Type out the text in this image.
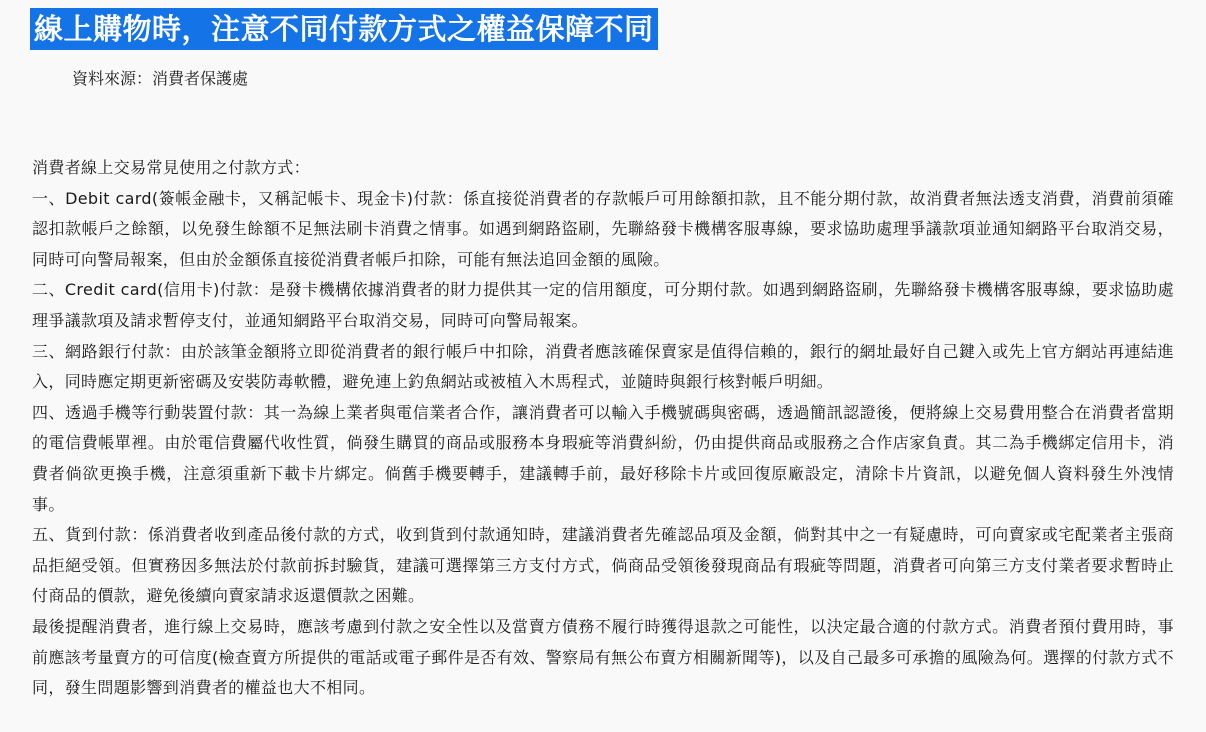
線上購物時，注意不同付款方式之權益保障不同
資料來源：消費者保護處

消費者線上交易常見使用之付款方式：

一、Debit card(簽帳金融卡，又稱記帳卡、現金卡)付款：係直接從消費者的存款帳戶可用餘額扣款，且不能分期付款，故消費者無法透支消費，消費前須確認扣款帳戶之餘額，以免發生餘額不足無法刷卡消費之情事。如遇到網路盜刷，先聯絡發卡機構客服專線，要求協助處理爭議款項並通知網路平台取消交易，同時可向警局報案，但由於金額係直接從消費者帳戶扣除，可能有無法追回金額的風險。

二、Credit card(信用卡)付款：是發卡機構依據消費者的財力提供其一定的信用額度，可分期付款。如遇到網路盜刷，先聯絡發卡機構客服專線，要求協助處理爭議款項及請求暫停支付，並通知網路平台取消交易，同時可向警局報案。

三、網路銀行付款：由於該筆金額將立即從消費者的銀行帳戶中扣除，消費者應該確保賣家是值得信賴的，銀行的網址最好自己鍵入或先上官方網站再連結進入，同時應定期更新密碼及安裝防毒軟體，避免連上釣魚網站或被植入木馬程式，並隨時與銀行核對帳戶明細。

四、透過手機等行動裝置付款：其一為線上業者與電信業者合作，讓消費者可以輸入手機號碼與密碼，透過簡訊認證後，便將線上交易費用整合在消費者當期的電信費帳單裡。由於電信費屬代收性質，倘發生購買的商品或服務本身瑕疵等消費糾紛，仍由提供商品或服務之合作店家負責。其二為手機綁定信用卡，消費者倘欲更換手機，注意須重新下載卡片綁定。倘舊手機要轉手，建議轉手前，最好移除卡片或回復原廠設定，清除卡片資訊，以避免個人資料發生外洩情事。

五、貨到付款：係消費者收到產品後付款的方式，收到貨到付款通知時，建議消費者先確認品項及金額，倘對其中之一有疑慮時，可向賣家或宅配業者主張商品拒絕受領。但實務因多無法於付款前拆封驗貨，建議可選擇第三方支付方式，倘商品受領後發現商品有瑕疵等問題，消費者可向第三方支付業者要求暫時止付商品的價款，避免後續向賣家請求返還價款之困難。

最後提醒消費者，進行線上交易時，應該考慮到付款之安全性以及當賣方債務不履行時獲得退款之可能性，以決定最合適的付款方式。消費者預付費用時，事前應該考量賣方的可信度(檢查賣方所提供的電話或電子郵件是否有效、警察局有無公布賣方相關新聞等)，以及自己最多可承擔的風險為何。選擇的付款方式不同，發生問題影響到消費者的權益也大不相同。
